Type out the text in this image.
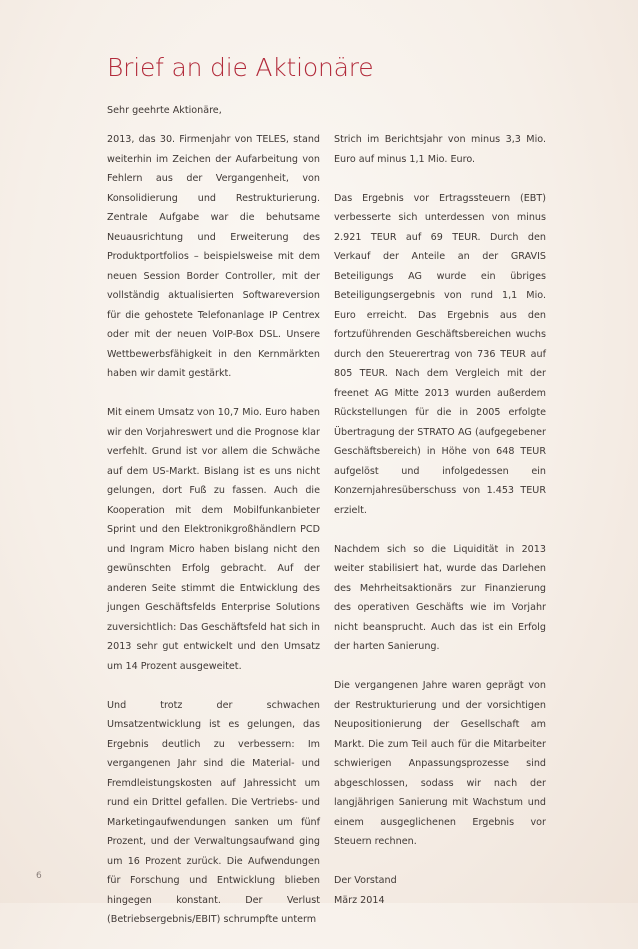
Brief an die Aktionäre

Sehr geehrte Aktionäre,

2013, das 30. Firmenjahr von TELES, stand weiterhin im Zeichen der Aufarbeitung von Fehlern aus der Vergangenheit, von Konsolidierung und Restrukturierung. Zentrale Aufgabe war die behutsame Neuausrichtung und Erweiterung des Produktportfolios – beispielsweise mit dem neuen Session Border Controller, mit der vollständig aktualisierten Softwareversion für die gehostete Telefonanlage IP Centrex oder mit der neuen VoIP-Box DSL. Unsere Wettbewerbsfähigkeit in den Kernmärkten haben wir damit gestärkt.

Mit einem Umsatz von 10,7 Mio. Euro haben wir den Vorjahreswert und die Prognose klar verfehlt. Grund ist vor allem die Schwäche auf dem US-Markt. Bislang ist es uns nicht gelungen, dort Fuß zu fassen. Auch die Kooperation mit dem Mobilfunkanbieter Sprint und den Elektronikgroßhändlern PCD und Ingram Micro haben bislang nicht den gewünschten Erfolg gebracht. Auf der anderen Seite stimmt die Entwicklung des jungen Geschäftsfelds Enterprise Solutions zuversichtlich: Das Geschäftsfeld hat sich in 2013 sehr gut entwickelt und den Umsatz um 14 Prozent ausgeweitet.

Und trotz der schwachen Umsatzentwicklung ist es gelungen, das Ergebnis deutlich zu verbessern: Im vergangenen Jahr sind die Material- und Fremdleistungskosten auf Jahressicht um rund ein Drittel gefallen. Die Vertriebs- und Marketingaufwendungen sanken um fünf Prozent, und der Verwaltungsaufwand ging um 16 Prozent zurück. Die Aufwendungen für Forschung und Entwicklung blieben hingegen konstant. Der Verlust (Betriebsergebnis/EBIT) schrumpfte unterm

Strich im Berichtsjahr von minus 3,3 Mio. Euro auf minus 1,1 Mio. Euro.

Das Ergebnis vor Ertragssteuern (EBT) verbesserte sich unterdessen von minus 2.921 TEUR auf 69 TEUR. Durch den Verkauf der Anteile an der GRAVIS Beteiligungs AG wurde ein übriges Beteiligungsergebnis von rund 1,1 Mio. Euro erreicht. Das Ergebnis aus den fortzuführenden Geschäftsbereichen wuchs durch den Steuerertrag von 736 TEUR auf 805 TEUR. Nach dem Vergleich mit der freenet AG Mitte 2013 wurden außerdem Rückstellungen für die in 2005 erfolgte Übertragung der STRATO AG (aufgegebener Geschäftsbereich) in Höhe von 648 TEUR aufgelöst und infolgedessen ein Konzernjahresüberschuss von 1.453 TEUR erzielt.

Nachdem sich so die Liquidität in 2013 weiter stabilisiert hat, wurde das Darlehen des Mehrheitsaktionärs zur Finanzierung des operativen Geschäfts wie im Vorjahr nicht beansprucht. Auch das ist ein Erfolg der harten Sanierung.

Die vergangenen Jahre waren geprägt von der Restrukturierung und der vorsichtigen Neupositionierung der Gesellschaft am Markt. Die zum Teil auch für die Mitarbeiter schwierigen Anpassungsprozesse sind abgeschlossen, sodass wir nach der langjährigen Sanierung mit Wachstum und einem ausgeglichenen Ergebnis vor Steuern rechnen.

Der Vorstand

März 2014

6
